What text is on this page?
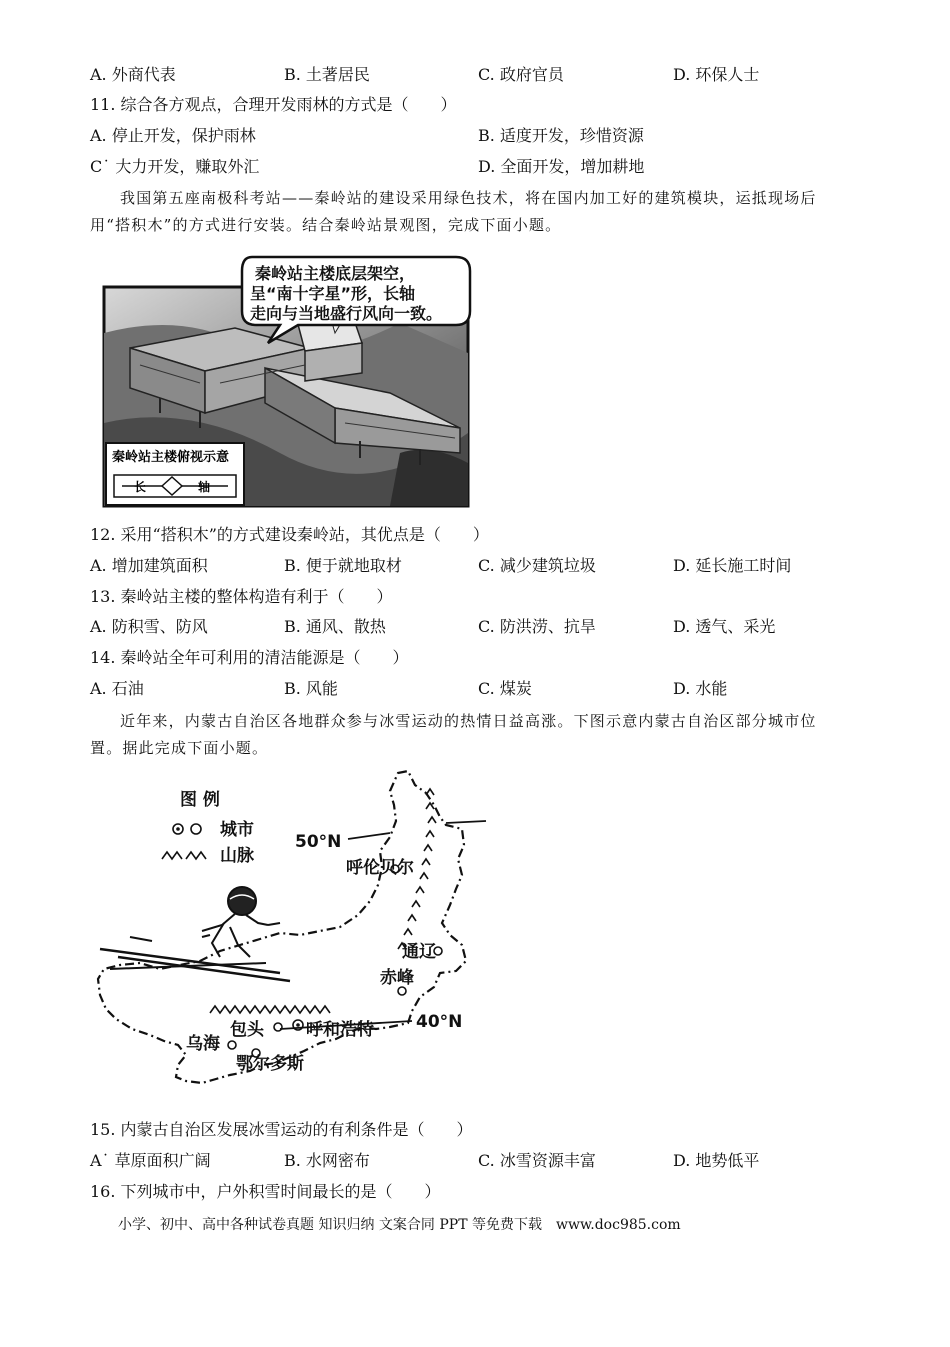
A. 外商代表	B. 土著居民	C. 政府官员	D. 环保人士
11. 综合各方观点，合理开发雨林的方式是（　　）
A. 停止开发，保护雨林	B. 适度开发，珍惜资源
C˙ 大力开发，赚取外汇	D. 全面开发，增加耕地
我国第五座南极科考站——秦岭站的建设采用绿色技术，将在国内加工好的建筑模块，运抵现场后
用“搭积木”的方式进行安装。结合秦岭站景观图，完成下面小题。
秦岭站主楼底层架空，
呈“南十字星”形，长轴
走向与当地盛行风向一致。
秦岭站主楼俯视示意
长	轴
12. 采用“搭积木”的方式建设秦岭站，其优点是（　　）
A. 增加建筑面积	B. 便于就地取材	C. 减少建筑垃圾	D. 延长施工时间
13. 秦岭站主楼的整体构造有利于（　　）
A. 防积雪、防风	B. 通风、散热	C. 防洪涝、抗旱	D. 透气、采光
14. 秦岭站全年可利用的清洁能源是（　　）
A. 石油	B. 风能	C. 煤炭	D. 水能
近年来，内蒙古自治区各地群众参与冰雪运动的热情日益高涨。下图示意内蒙古自治区部分城市位
置。据此完成下面小题。
50°N
40°N
图 例
城市
山脉
呼伦贝尔
通辽
赤峰
包头 呼和浩特
乌海
鄂尔多斯
15. 内蒙古自治区发展冰雪运动的有利条件是（　　）
A˙ 草原面积广阔	B. 水网密布	C. 冰雪资源丰富	D. 地势低平
16. 下列城市中，户外积雪时间最长的是（　　）
小学、初中、高中各种试卷真题 知识归纳 文案合同 PPT 等免费下载　www.doc985.com
